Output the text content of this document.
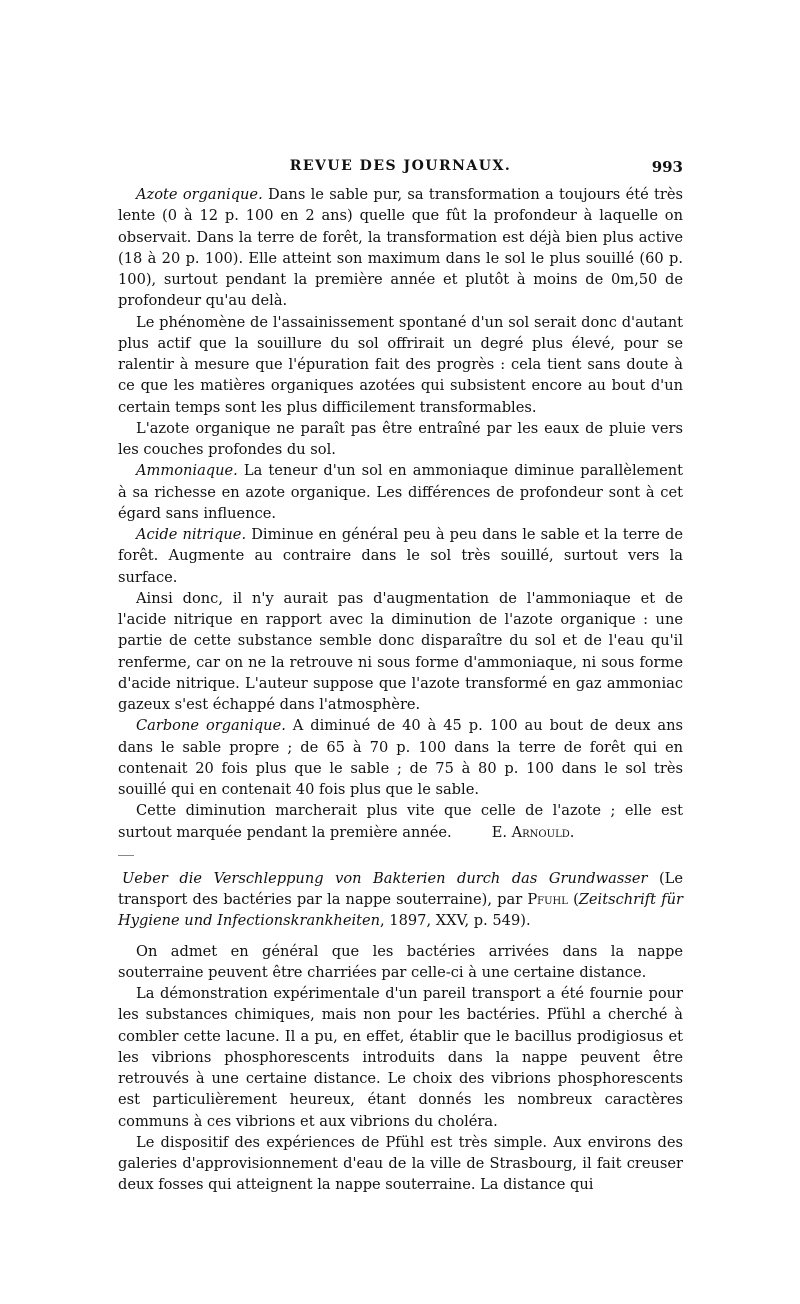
REVUE DES JOURNAUX.	993

Azote organique. Dans le sable pur, sa transformation a toujours été très lente (0 à 12 p. 100 en 2 ans) quelle que fût la profondeur à laquelle on observait. Dans la terre de forêt, la transformation est déjà bien plus active (18 à 20 p. 100). Elle atteint son maximum dans le sol le plus souillé (60 p. 100), surtout pendant la première année et plutôt à moins de 0m,50 de profondeur qu'au delà.

Le phénomène de l'assainissement spontané d'un sol serait donc d'autant plus actif que la souillure du sol offrirait un degré plus élevé, pour se ralentir à mesure que l'épuration fait des progrès : cela tient sans doute à ce que les matières organiques azotées qui subsistent encore au bout d'un certain temps sont les plus difficilement transformables.

L'azote organique ne paraît pas être entraîné par les eaux de pluie vers les couches profondes du sol.

Ammoniaque. La teneur d'un sol en ammoniaque diminue parallèlement à sa richesse en azote organique. Les différences de profondeur sont à cet égard sans influence.

Acide nitrique. Diminue en général peu à peu dans le sable et la terre de forêt. Augmente au contraire dans le sol très souillé, surtout vers la surface.

Ainsi donc, il n'y aurait pas d'augmentation de l'ammoniaque et de l'acide nitrique en rapport avec la diminution de l'azote organique : une partie de cette substance semble donc disparaître du sol et de l'eau qu'il renferme, car on ne la retrouve ni sous forme d'ammoniaque, ni sous forme d'acide nitrique. L'auteur suppose que l'azote transformé en gaz ammoniac gazeux s'est échappé dans l'atmosphère.

Carbone organique. A diminué de 40 à 45 p. 100 au bout de deux ans dans le sable propre ; de 65 à 70 p. 100 dans la terre de forêt qui en contenait 20 fois plus que le sable ; de 75 à 80 p. 100 dans le sol très souillé qui en contenait 40 fois plus que le sable.

Cette diminution marcherait plus vite que celle de l'azote ; elle est surtout marquée pendant la première année.	E. Arnould.

Ueber die Verschleppung von Bakterien durch das Grundwasser (Le transport des bactéries par la nappe souterraine), par Pfuhl (Zeitschrift für Hygiene und Infectionskrankheiten, 1897, XXV, p. 549).

On admet en général que les bactéries arrivées dans la nappe souterraine peuvent être charriées par celle-ci à une certaine distance.

La démonstration expérimentale d'un pareil transport a été fournie pour les substances chimiques, mais non pour les bactéries. Pfühl a cherché à combler cette lacune. Il a pu, en effet, établir que le bacillus prodigiosus et les vibrions phosphorescents introduits dans la nappe peuvent être retrouvés à une certaine distance. Le choix des vibrions phosphorescents est particulièrement heureux, étant donnés les nombreux caractères communs à ces vibrions et aux vibrions du choléra.

Le dispositif des expériences de Pfühl est très simple. Aux environs des galeries d'approvisionnement d'eau de la ville de Strasbourg, il fait creuser deux fosses qui atteignent la nappe souterraine. La distance qui
